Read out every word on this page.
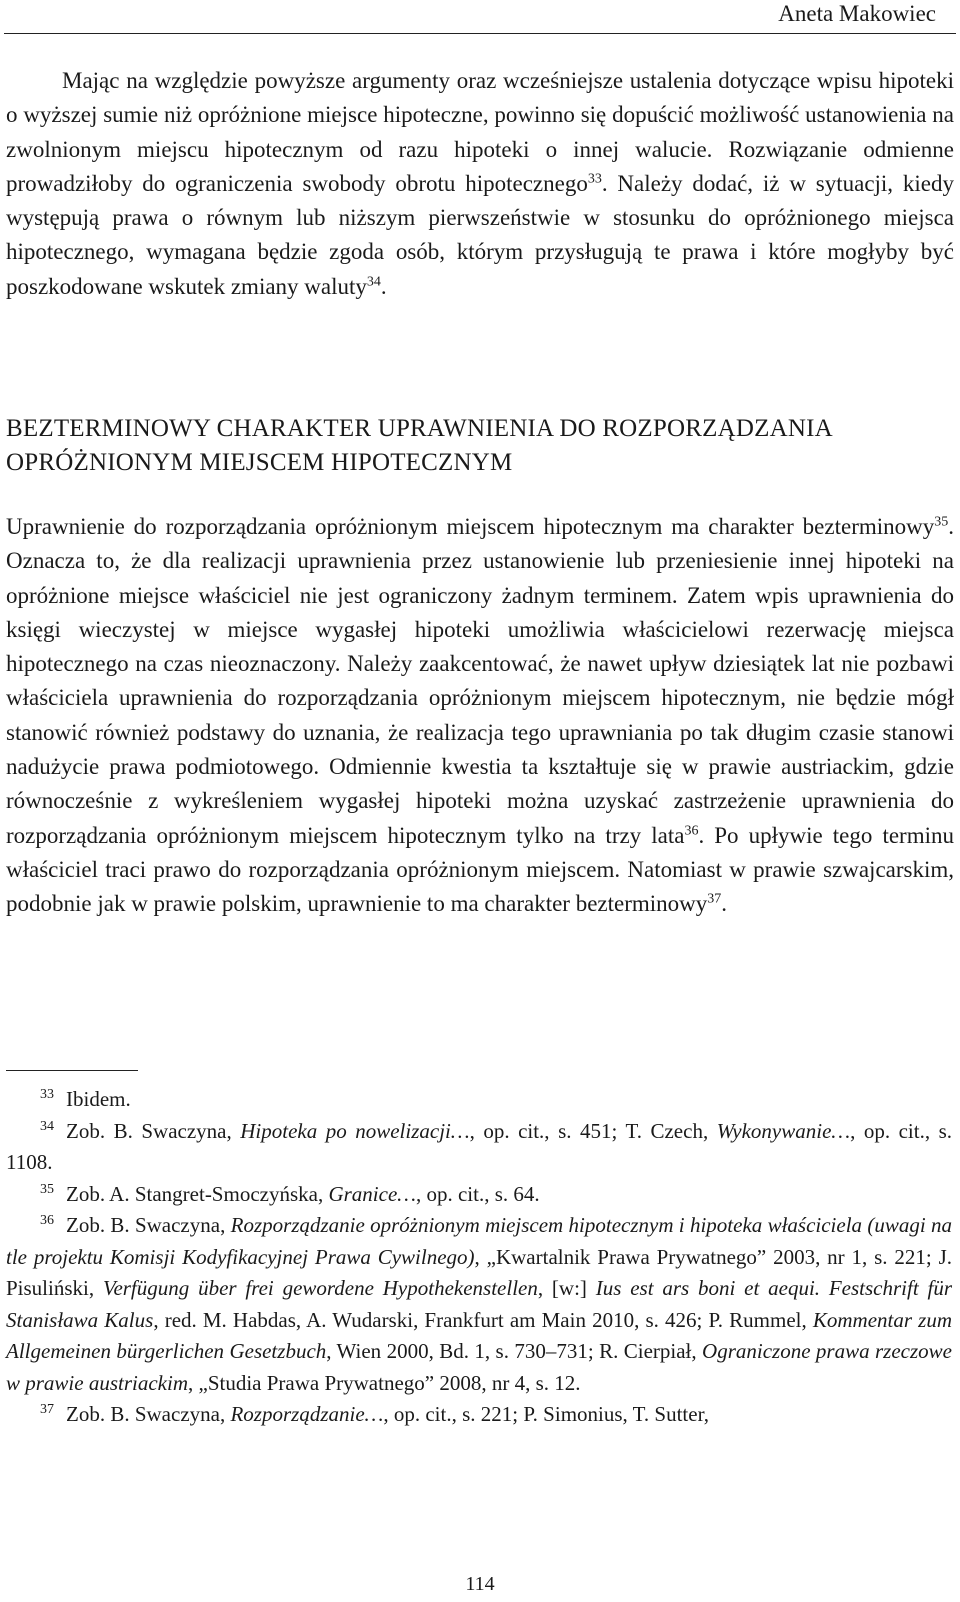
Aneta Makowiec

Mając na względzie powyższe argumenty oraz wcześniejsze ustalenia dotyczące wpisu hipoteki o wyższej sumie niż opróżnione miejsce hipoteczne, powinno się dopuścić możliwość ustanowienia na zwolnionym miejscu hipotecznym od razu hipoteki o innej walucie. Rozwiązanie odmienne prowadziłoby do ograniczenia swobody obrotu hipotecznego$^{33}$. Należy dodać, iż w sytuacji, kiedy występują prawa o równym lub niższym pierwszeństwie w stosunku do opróżnionego miejsca hipotecznego, wymagana będzie zgoda osób, którym przysługują te prawa i które mogłyby być poszkodowane wskutek zmiany waluty$^{34}$.

BEZTERMINOWY CHARAKTER UPRAWNIENIA DO ROZPORZĄDZANIA OPRÓŻNIONYM MIEJSCEM HIPOTECZNYM

Uprawnienie do rozporządzania opróżnionym miejscem hipotecznym ma charakter bezterminowy$^{35}$. Oznacza to, że dla realizacji uprawnienia przez ustanowienie lub przeniesienie innej hipoteki na opróżnione miejsce właściciel nie jest ograniczony żadnym terminem. Zatem wpis uprawnienia do księgi wieczystej w miejsce wygasłej hipoteki umożliwia właścicielowi rezerwację miejsca hipotecznego na czas nieoznaczony. Należy zaakcentować, że nawet upływ dziesiątek lat nie pozbawi właściciela uprawnienia do rozporządzania opróżnionym miejscem hipotecznym, nie będzie mógł stanowić również podstawy do uznania, że realizacja tego uprawniania po tak długim czasie stanowi nadużycie prawa podmiotowego. Odmiennie kwestia ta kształtuje się w prawie austriackim, gdzie równocześnie z wykreśleniem wygasłej hipoteki można uzyskać zastrzeżenie uprawnienia do rozporządzania opróżnionym miejscem hipotecznym tylko na trzy lata$^{36}$. Po upływie tego terminu właściciel traci prawo do rozporządzania opróżnionym miejscem. Natomiast w prawie szwajcarskim, podobnie jak w prawie polskim, uprawnienie to ma charakter bezterminowy$^{37}$.

$^{33}$ Ibidem.

$^{34}$ Zob. B. Swaczyna, Hipoteka po nowelizacji…, op. cit., s. 451; T. Czech, Wykonywanie…, op. cit., s. 1108.

$^{35}$ Zob. A. Stangret-Smoczyńska, Granice…, op. cit., s. 64.

$^{36}$ Zob. B. Swaczyna, Rozporządzanie opróżnionym miejscem hipotecznym i hipoteka właściciela (uwagi na tle projektu Komisji Kodyfikacyjnej Prawa Cywilnego), „Kwartalnik Prawa Prywatnego” 2003, nr 1, s. 221; J. Pisuliński, Verfügung über frei gewordene Hypothekenstellen, [w:] Ius est ars boni et aequi. Festschrift für Stanisława Kalus, red. M. Habdas, A. Wudarski, Frankfurt am Main 2010, s. 426; P. Rummel, Kommentar zum Allgemeinen bürgerlichen Gesetzbuch, Wien 2000, Bd. 1, s. 730–731; R. Cierpiał, Ograniczone prawa rzeczowe w prawie austriackim, „Studia Prawa Prywatnego” 2008, nr 4, s. 12.

$^{37}$ Zob. B. Swaczyna, Rozporządzanie…, op. cit., s. 221; P. Simonius, T. Sutter,

114
